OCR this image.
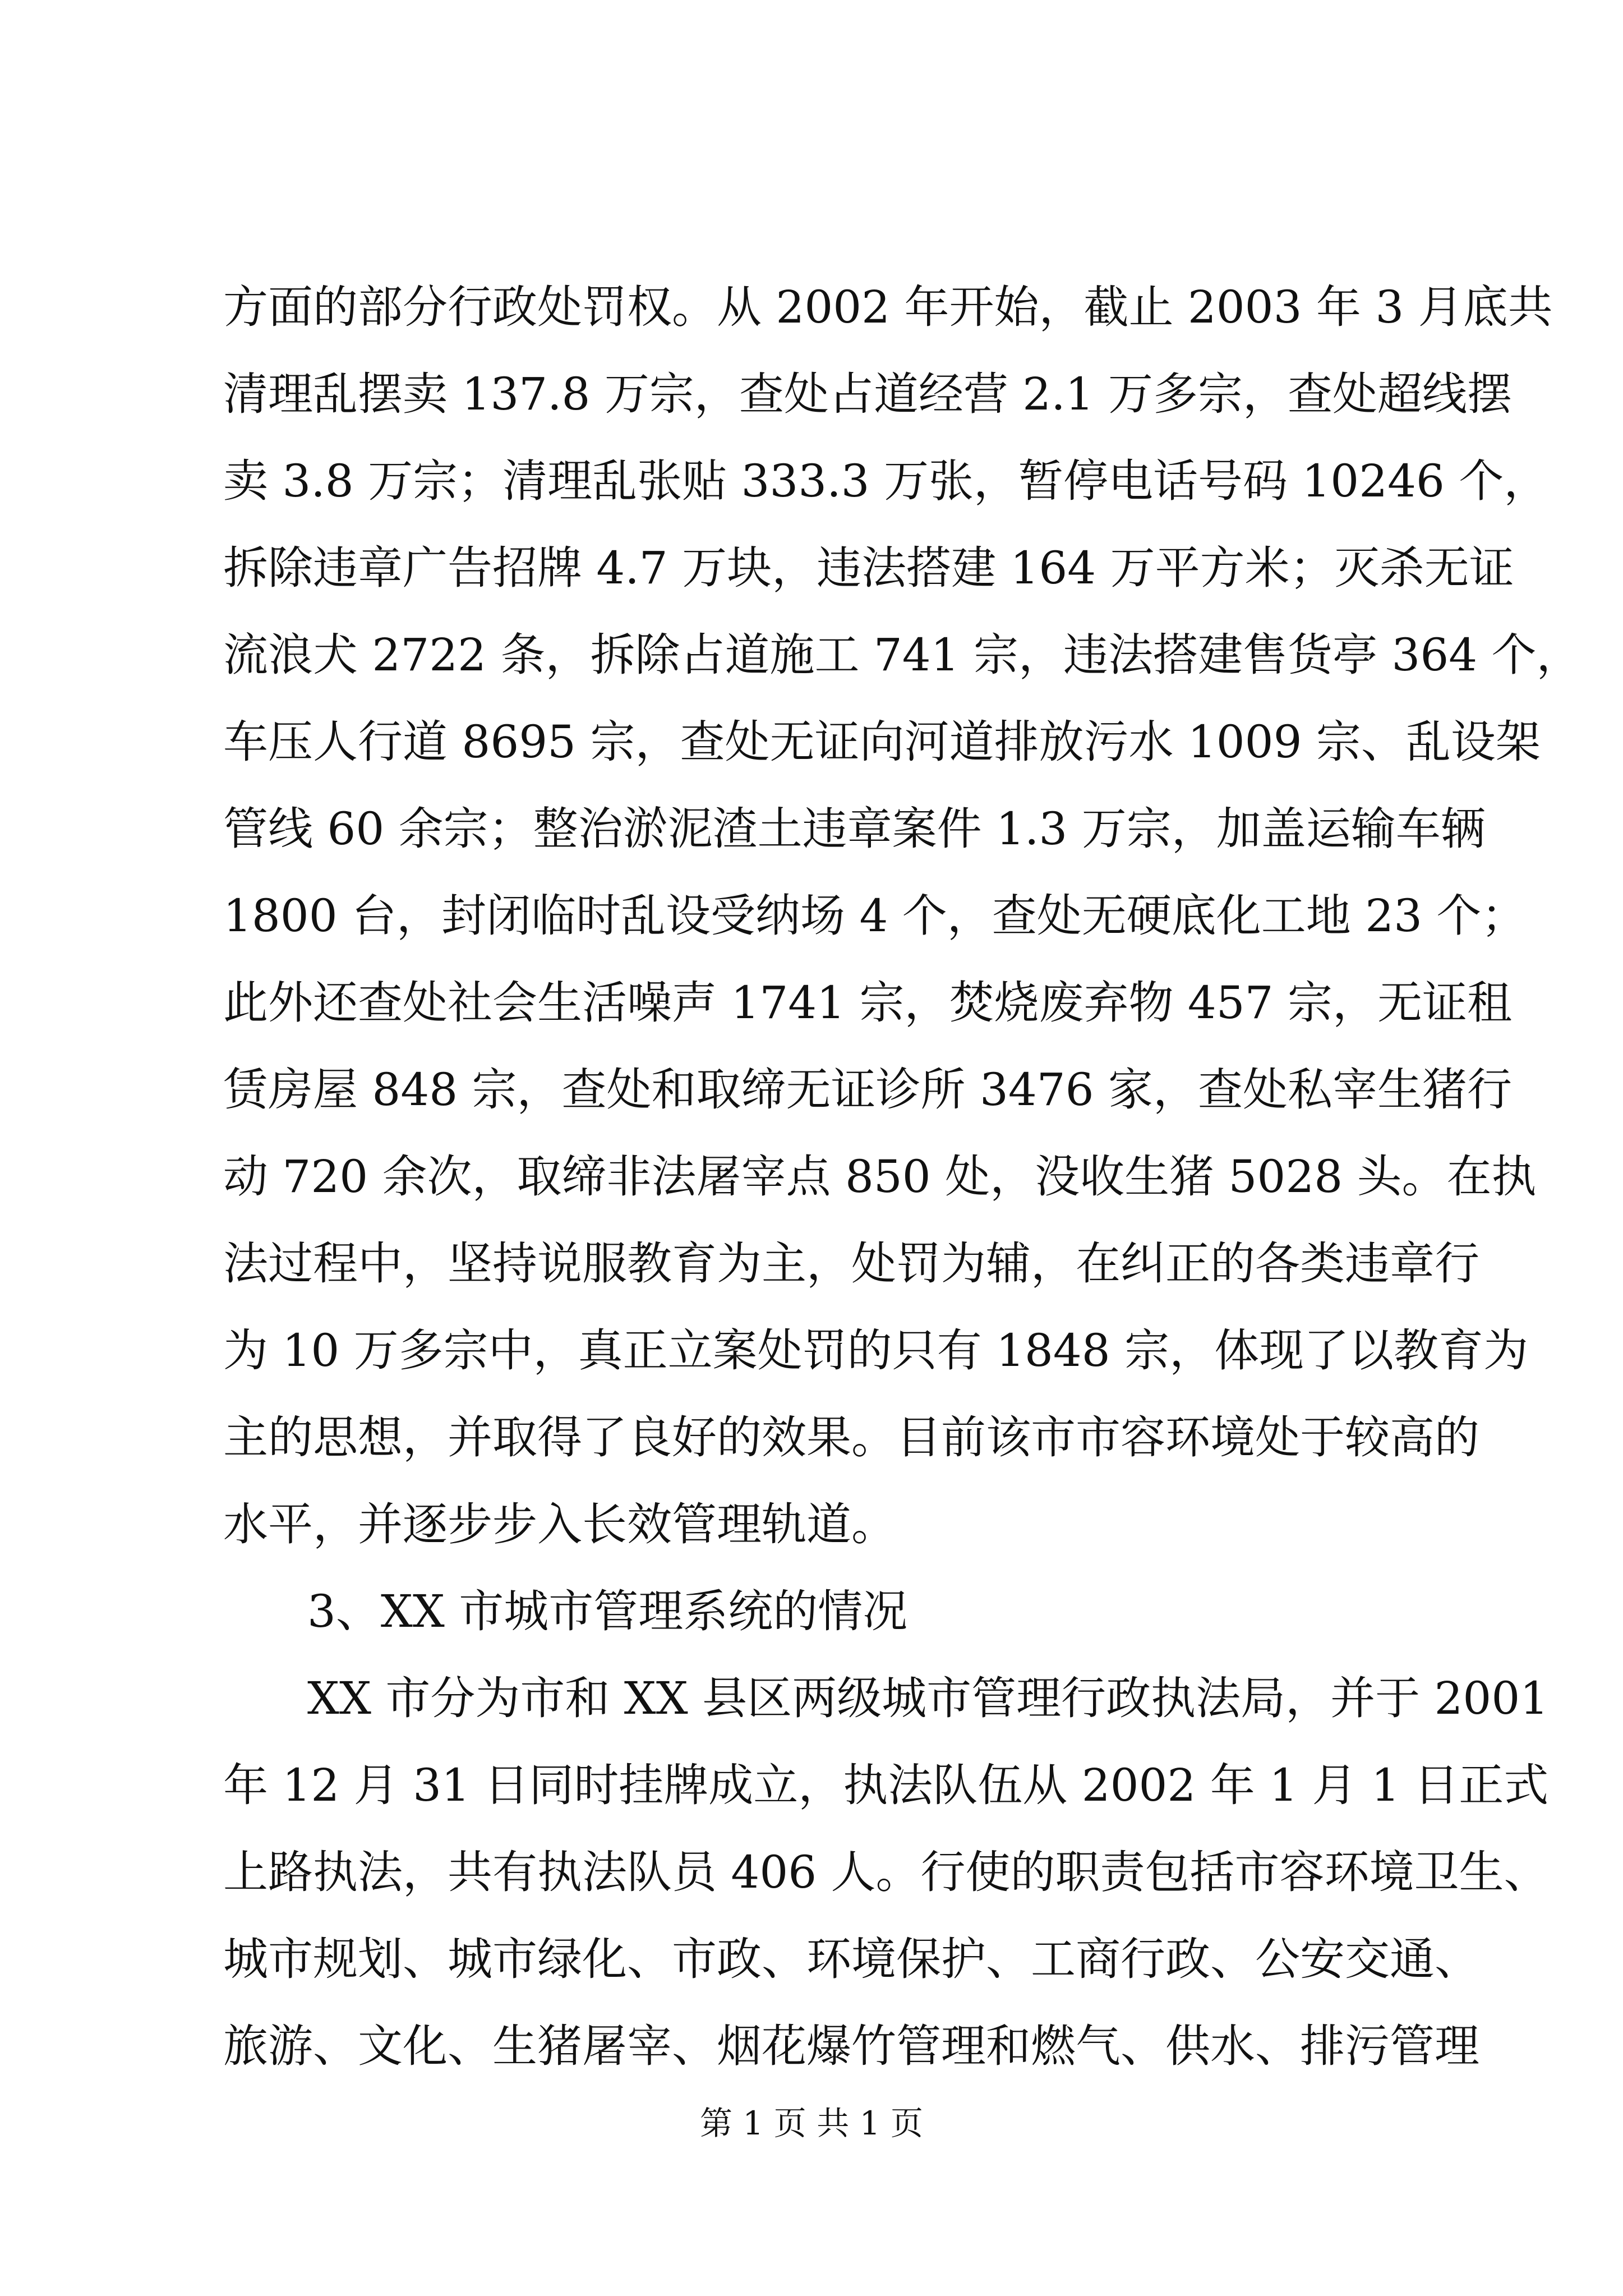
方面的部分行政处罚权。从 2002 年开始，截止 2003 年 3 月底共
清理乱摆卖 137.8 万宗，查处占道经营 2.1 万多宗，查处超线摆
卖 3.8 万宗；清理乱张贴 333.3 万张，暂停电话号码 10246 个，
拆除违章广告招牌 4.7 万块，违法搭建 164 万平方米；灭杀无证
流浪犬 2722 条，拆除占道施工 741 宗，违法搭建售货亭 364 个，
车压人行道 8695 宗，查处无证向河道排放污水 1009 宗、乱设架
管线 60 余宗；整治淤泥渣土违章案件 1.3 万宗，加盖运输车辆
1800 台，封闭临时乱设受纳场 4 个，查处无硬底化工地 23 个；
此外还查处社会生活噪声 1741 宗，焚烧废弃物 457 宗，无证租
赁房屋 848 宗，查处和取缔无证诊所 3476 家，查处私宰生猪行
动 720 余次，取缔非法屠宰点 850 处，没收生猪 5028 头。在执
法过程中，坚持说服教育为主，处罚为辅，在纠正的各类违章行
为 10 万多宗中，真正立案处罚的只有 1848 宗，体现了以教育为
主的思想，并取得了良好的效果。目前该市市容环境处于较高的
水平，并逐步步入长效管理轨道。
3、XX 市城市管理系统的情况
XX 市分为市和 XX 县区两级城市管理行政执法局，并于 2001
年 12 月 31 日同时挂牌成立，执法队伍从 2002 年 1 月 1 日正式
上路执法，共有执法队员 406 人。行使的职责包括市容环境卫生、
城市规划、城市绿化、市政、环境保护、工商行政、公安交通、
旅游、文化、生猪屠宰、烟花爆竹管理和燃气、供水、排污管理
第 1 页 共 1 页
